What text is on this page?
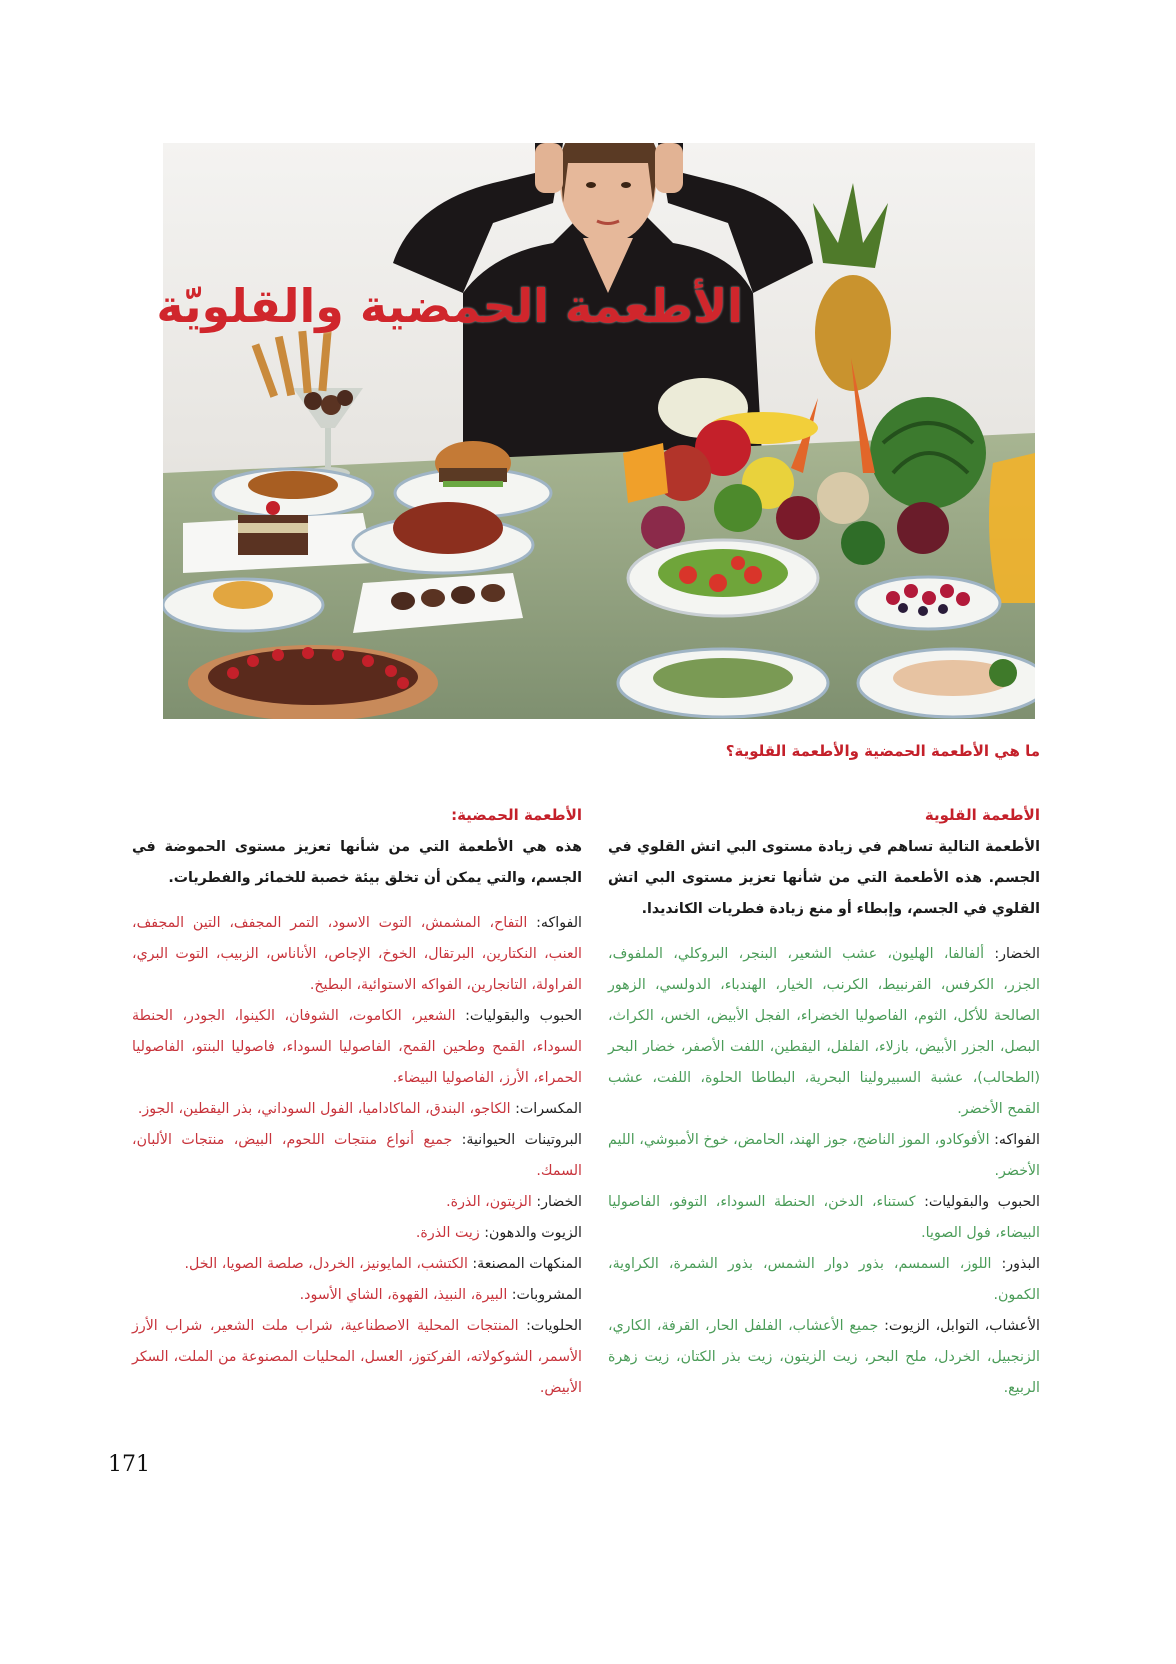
الأطعمة الحمضية والقلويّة
ما هي الأطعمة الحمضية والأطعمة القلوية؟
الأطعمة القلوية

الأطعمة التالية تساهم في زيادة مستوى البي اتش القلوي في الجسم. هذه الأطعمة التي من شأنها تعزيز مستوى البي اتش القلوي في الجسم، وإبطاء أو منع زيادة فطريات الكانديدا.

الخضار: ألفالفا، الهليون، عشب الشعير، البنجر، البروكلي، الملفوف، الجزر، الكرفس، القرنبيط، الكرنب، الخيار، الهندباء، الدولسي، الزهور الصالحة للأكل، الثوم، الفاصوليا الخضراء، الفجل الأبيض، الخس، الكراث، البصل، الجزر الأبيض، بازلاء، الفلفل، اليقطين، اللفت الأصفر، خضار البحر (الطحالب)، عشبة السبيرولينا البحرية، البطاطا الحلوة، اللفت، عشب القمح الأخضر.

الفواكه: الأفوكادو، الموز الناضج، جوز الهند، الحامض، خوخ الأمبوشي، الليم الأخضر.

الحبوب والبقوليات: كستناء، الدخن، الحنطة السوداء، التوفو، الفاصوليا البيضاء، فول الصويا.

البذور: اللوز، السمسم، بذور دوار الشمس، بذور الشمرة، الكراوية، الكمون.

الأعشاب، التوابل، الزيوت: جميع الأعشاب، الفلفل الحار، القرفة، الكاري، الزنجبيل، الخردل، ملح البحر، زيت الزيتون، زيت بذر الكتان، زيت زهرة الربيع.

الأطعمة الحمضية:

هذه هي الأطعمة التي من شأنها تعزيز مستوى الحموضة في الجسم، والتي يمكن أن تخلق بيئة خصبة للخمائر والفطريات.

الفواكه: التفاح، المشمش، التوت الاسود، التمر المجفف، التين المجفف، العنب، النكتارين، البرتقال، الخوخ، الإجاص، الأناناس، الزبيب، التوت البري، الفراولة، التانجارين، الفواكه الاستوائية، البطيخ.

الحبوب والبقوليات: الشعير، الكاموت، الشوفان، الكينوا، الجودر، الحنطة السوداء، القمح وطحين القمح، الفاصوليا السوداء، فاصوليا البنتو، الفاصوليا الحمراء، الأرز، الفاصوليا البيضاء.

المكسرات: الكاجو، البندق، الماكاداميا، الفول السوداني، بذر اليقطين، الجوز.

البروتينات الحيوانية: جميع أنواع منتجات اللحوم، البيض، منتجات الألبان، السمك.

الخضار: الزيتون، الذرة.

الزيوت والدهون: زيت الذرة.

المنكهات المصنعة: الكتشب، المايونيز، الخردل، صلصة الصويا، الخل.

المشروبات: البيرة، النبيذ، القهوة، الشاي الأسود.

الحلويات: المنتجات المحلية الاصطناعية، شراب ملت الشعير، شراب الأرز الأسمر، الشوكولاته، الفركتوز، العسل، المحليات المصنوعة من الملت، السكر الأبيض.

171
